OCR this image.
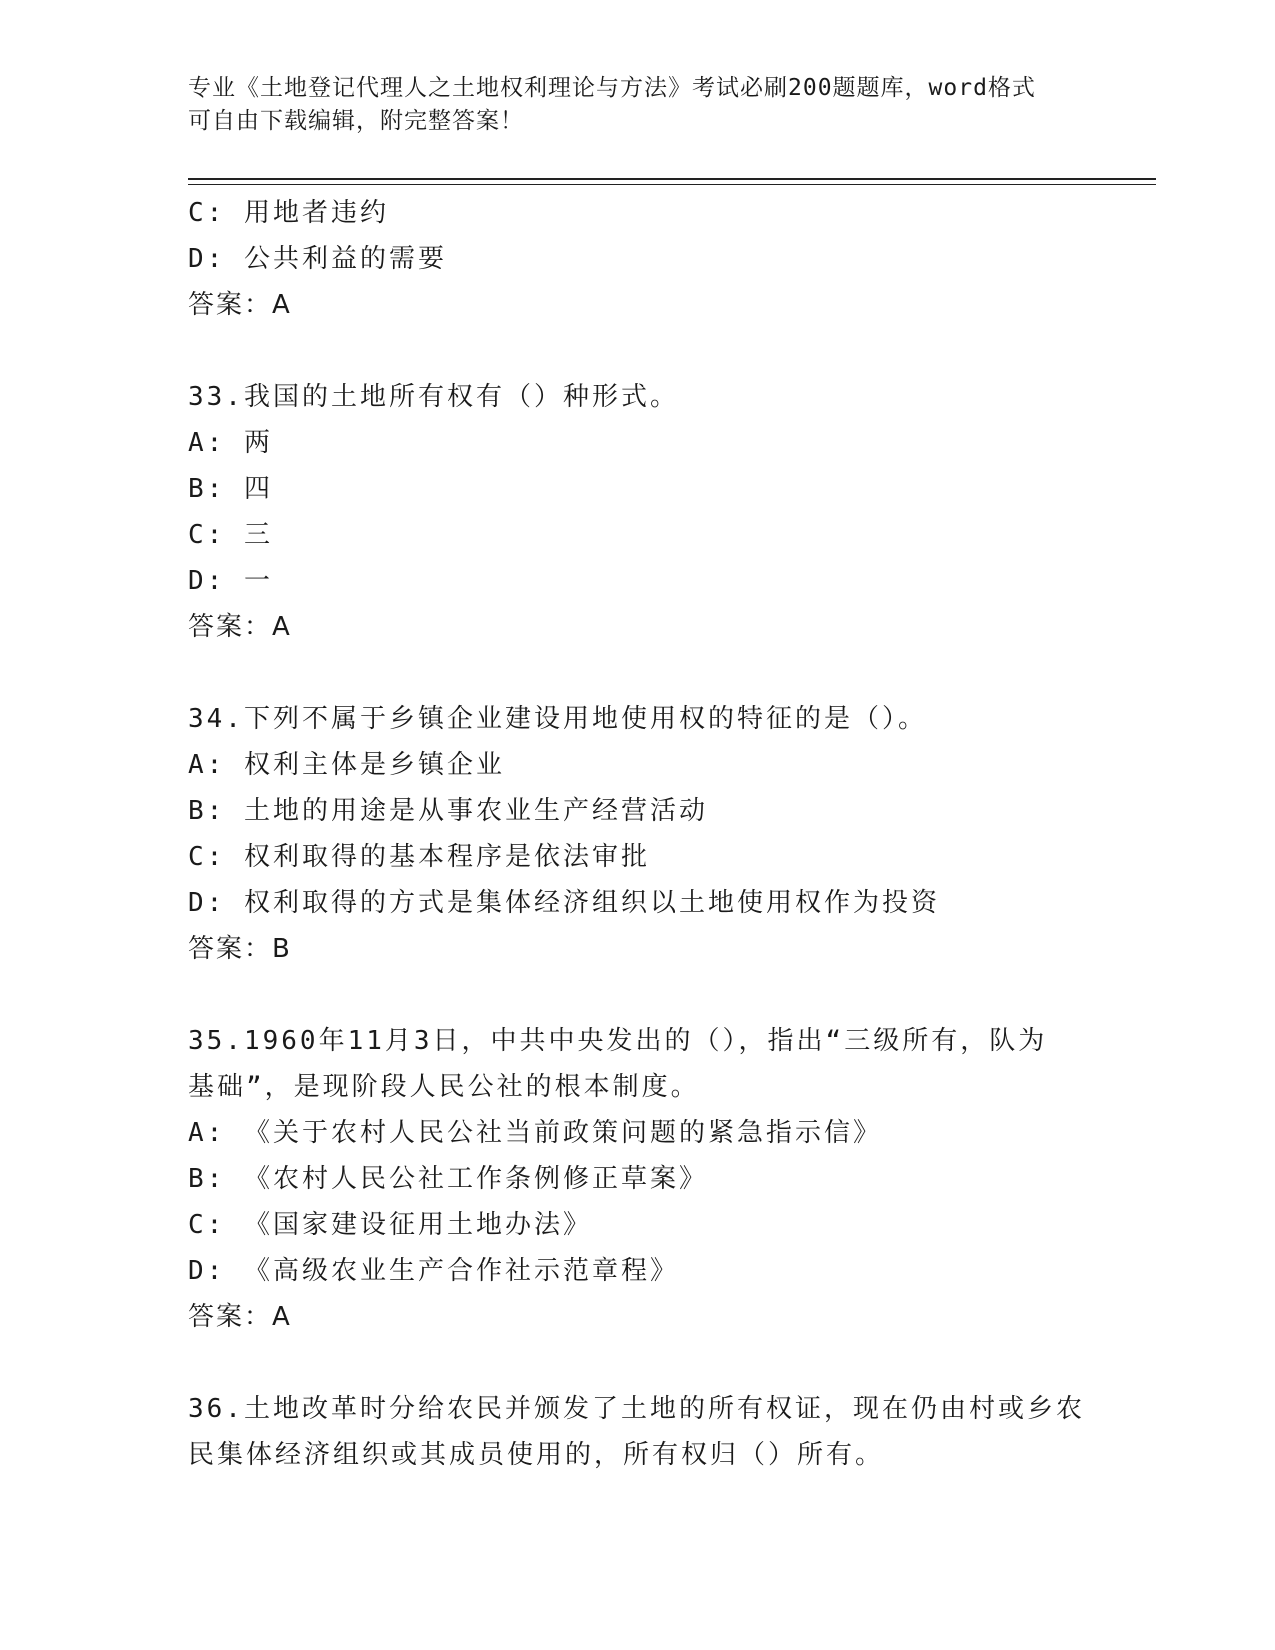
专业《土地登记代理人之土地权利理论与方法》考试必刷200题题库，word格式
可自由下载编辑，附完整答案！
C: 用地者违约
D: 公共利益的需要
答案：A
33.我国的土地所有权有（）种形式。
A: 两
B: 四
C: 三
D: 一
答案：A
34.下列不属于乡镇企业建设用地使用权的特征的是（）。
A: 权利主体是乡镇企业
B: 土地的用途是从事农业生产经营活动
C: 权利取得的基本程序是依法审批
D: 权利取得的方式是集体经济组织以土地使用权作为投资
答案：B
35.1960年11月3日，中共中央发出的（），指出“三级所有，队为
基础”，是现阶段人民公社的根本制度。
A: 《关于农村人民公社当前政策问题的紧急指示信》
B: 《农村人民公社工作条例修正草案》
C: 《国家建设征用土地办法》
D: 《高级农业生产合作社示范章程》
答案：A
36.土地改革时分给农民并颁发了土地的所有权证，现在仍由村或乡农
民集体经济组织或其成员使用的，所有权归（）所有。
